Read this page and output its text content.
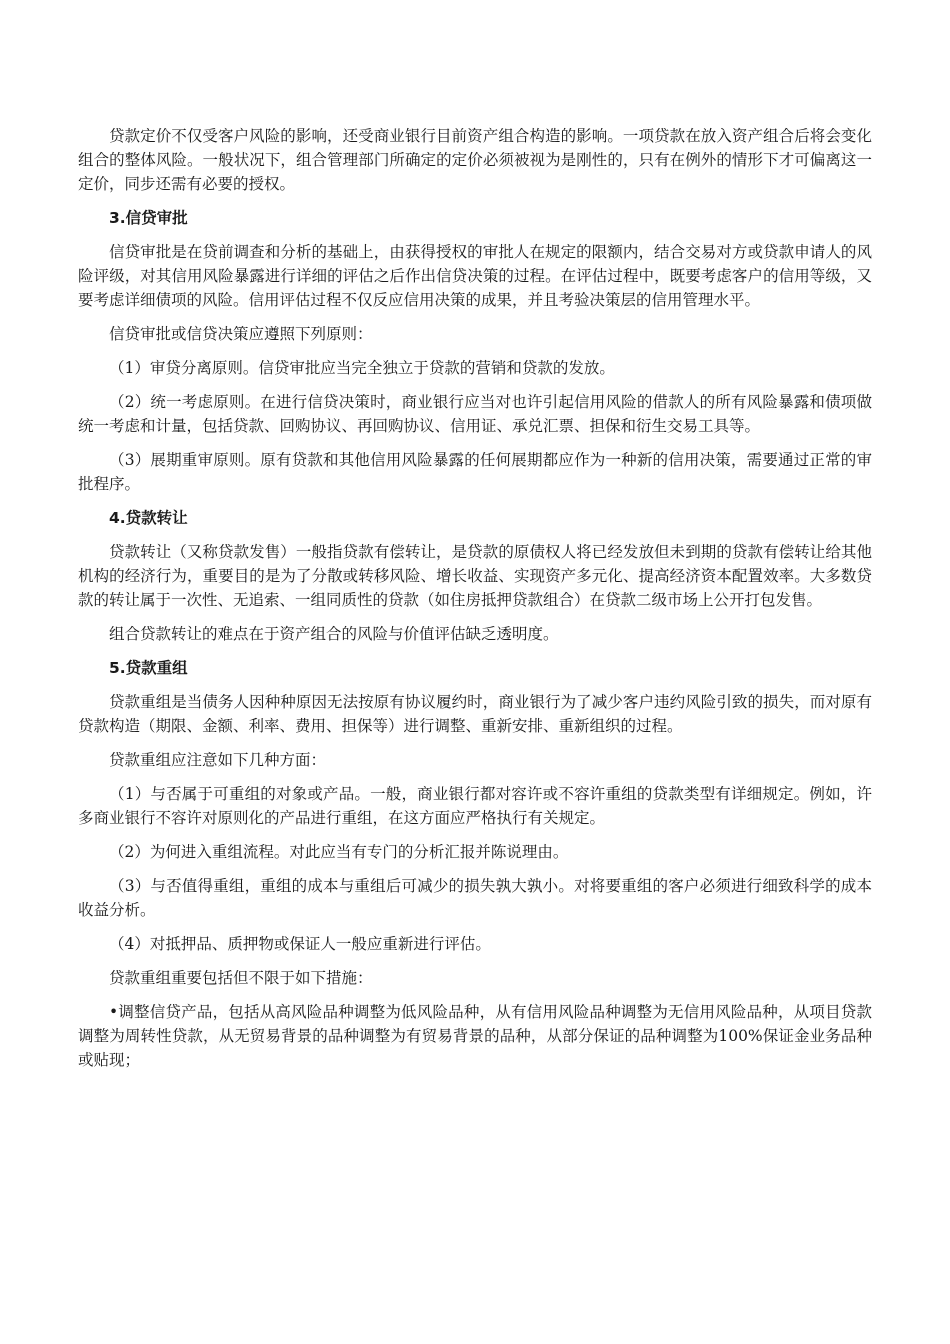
贷款定价不仅受客户风险的影响，还受商业银行目前资产组合构造的影响。一项贷款在放入资产组合后将会变化组合的整体风险。一般状况下，组合管理部门所确定的定价必须被视为是刚性的，只有在例外的情形下才可偏离这一定价，同步还需有必要的授权。

3.信贷审批

信贷审批是在贷前调查和分析的基础上，由获得授权的审批人在规定的限额内，结合交易对方或贷款申请人的风险评级，对其信用风险暴露进行详细的评估之后作出信贷决策的过程。在评估过程中，既要考虑客户的信用等级，又要考虑详细债项的风险。信用评估过程不仅反应信用决策的成果，并且考验决策层的信用管理水平。

信贷审批或信贷决策应遵照下列原则：

（1）审贷分离原则。信贷审批应当完全独立于贷款的营销和贷款的发放。

（2）统一考虑原则。在进行信贷决策时，商业银行应当对也许引起信用风险的借款人的所有风险暴露和债项做统一考虑和计量，包括贷款、回购协议、再回购协议、信用证、承兑汇票、担保和衍生交易工具等。

（3）展期重审原则。原有贷款和其他信用风险暴露的任何展期都应作为一种新的信用决策，需要通过正常的审批程序。

4.贷款转让

贷款转让（又称贷款发售）一般指贷款有偿转让，是贷款的原债权人将已经发放但未到期的贷款有偿转让给其他机构的经济行为，重要目的是为了分散或转移风险、增长收益、实现资产多元化、提高经济资本配置效率。大多数贷款的转让属于一次性、无追索、一组同质性的贷款（如住房抵押贷款组合）在贷款二级市场上公开打包发售。

组合贷款转让的难点在于资产组合的风险与价值评估缺乏透明度。

5.贷款重组

贷款重组是当债务人因种种原因无法按原有协议履约时，商业银行为了减少客户违约风险引致的损失，而对原有贷款构造（期限、金额、利率、费用、担保等）进行调整、重新安排、重新组织的过程。

贷款重组应注意如下几种方面：

（1）与否属于可重组的对象或产品。一般，商业银行都对容许或不容许重组的贷款类型有详细规定。例如，许多商业银行不容许对原则化的产品进行重组，在这方面应严格执行有关规定。

（2）为何进入重组流程。对此应当有专门的分析汇报并陈说理由。

（3）与否值得重组，重组的成本与重组后可减少的损失孰大孰小。对将要重组的客户必须进行细致科学的成本收益分析。

（4）对抵押品、质押物或保证人一般应重新进行评估。

贷款重组重要包括但不限于如下措施：

•调整信贷产品，包括从高风险品种调整为低风险品种，从有信用风险品种调整为无信用风险品种，从项目贷款调整为周转性贷款，从无贸易背景的品种调整为有贸易背景的品种，从部分保证的品种调整为100%保证金业务品种或贴现；
